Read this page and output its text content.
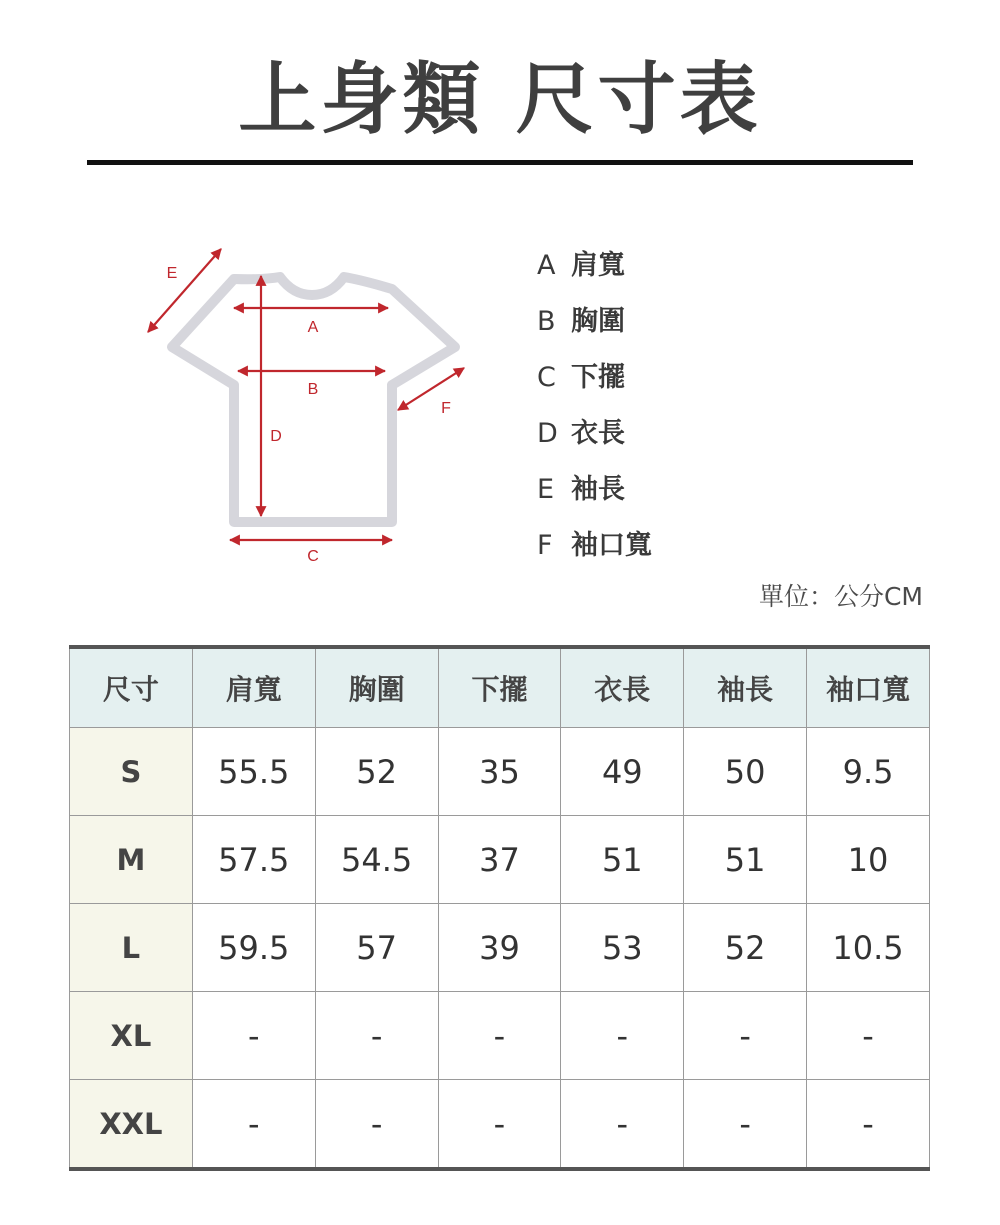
上身類 尺寸表
A
B
C
D
E
F
A 肩寬
B 胸圍
C 下擺
D 衣長
E 袖長
F 袖口寬
單位：公分CM
尺寸	肩寬	胸圍	下擺	衣長	袖長	袖口寬
S	55.5	52	35	49	50	9.5
M	57.5	54.5	37	51	51	10
L	59.5	57	39	53	52	10.5
XL	-	-	-	-	-	-
XXL	-	-	-	-	-	-
